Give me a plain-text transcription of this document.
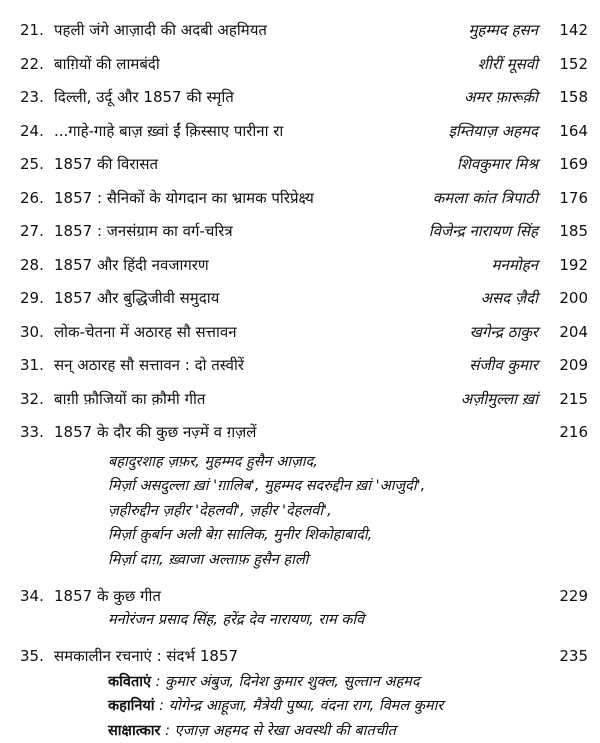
21. पहली जंगे आज़ादी की अदबी अहमियत	मुहम्मद हसन	142
22. बाग़ियों की लामबंदी	शीरीं मूसवी	152
23. दिल्ली, उर्दू और 1857 की स्मृति	अमर फ़ारूक़ी	158
24. ...गाहे-गाहे बाज़ ख़्वां ईं क़िस्साए पारीना रा	इम्तियाज़ अहमद	164
25. 1857 की विरासत	शिवकुमार मिश्र	169
26. 1857 : सैनिकों के योगदान का भ्रामक परिप्रेक्ष्य	कमला कांत त्रिपाठी	176
27. 1857 : जनसंग्राम का वर्ग-चरित्र	विजेन्द्र नारायण सिंह	185
28. 1857 और हिंदी नवजागरण	मनमोहन	192
29. 1857 और बुद्धिजीवी समुदाय	असद ज़ैदी	200
30. लोक-चेतना में अठारह सौ सत्तावन	खगेन्द्र ठाकुर	204
31. सन् अठारह सौ सत्तावन : दो तस्वीरें	संजीव कुमार	209
32. बाग़ी फ़ौजियों का क़ौमी गीत	अज़ीमुल्ला ख़ां	215
33. 1857 के दौर की कुछ नज़्में व ग़ज़लें	216
बहादुरशाह ज़फ़र, मुहम्मद हुसैन आज़ाद,
मिर्ज़ा असदुल्ला ख़ां 'ग़ालिब', मुहम्मद सदरुद्दीन ख़ां 'आजुदी',
ज़हीरुद्दीन ज़हीर 'देहलवी', ज़हीर 'देहलवी',
मिर्ज़ा क़ुर्बान अली बेग़ सालिक, मुनीर शिकोहाबादी,
मिर्ज़ा दाग़, ख़्वाजा अल्ताफ़ हुसैन हाली
34. 1857 के कुछ गीत	229
मनोरंजन प्रसाद सिंह, हरेंद्र देव नारायण, राम कवि
35. समकालीन रचनाएं : संदर्भ 1857	235
कविताएं : कुमार अंबुज, दिनेश कुमार शुक्ल, सुल्तान अहमद
कहानियां : योगेन्द्र आहूजा, मैत्रेयी पुष्पा, वंदना राग, विमल कुमार
साक्षात्कार : एजाज़ अहमद से रेखा अवस्थी की बातचीत
